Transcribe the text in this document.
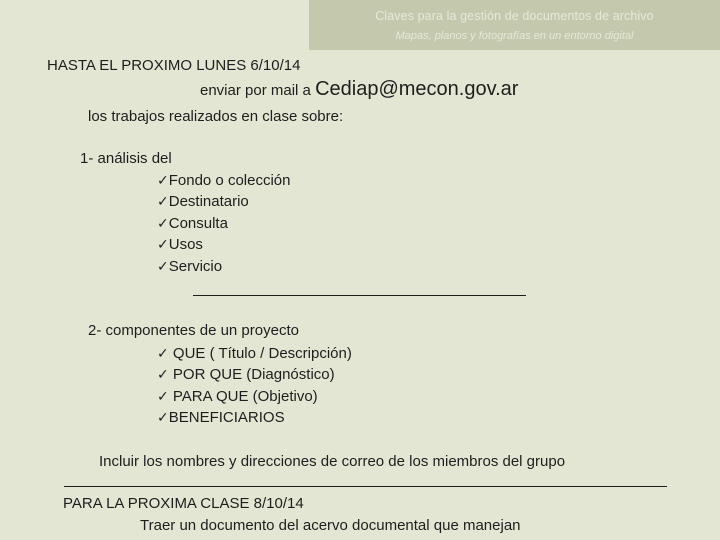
Claves para la gestión de documentos de archivo
Mapas, planos y fotografías en un entorno digital
HASTA EL PROXIMO LUNES 6/10/14
enviar por mail a Cediap@mecon.gov.ar
los trabajos realizados en clase sobre:
1- análisis del
✓Fondo o colección
✓Destinatario
✓Consulta
✓Usos
✓Servicio
2- componentes de un proyecto
✓ QUE ( Título / Descripción)
✓ POR QUE (Diagnóstico)
✓ PARA QUE (Objetivo)
✓BENEFICIARIOS
Incluir los nombres y direcciones de correo de los miembros del grupo
PARA LA PROXIMA CLASE 8/10/14
Traer un documento del acervo documental que manejan
